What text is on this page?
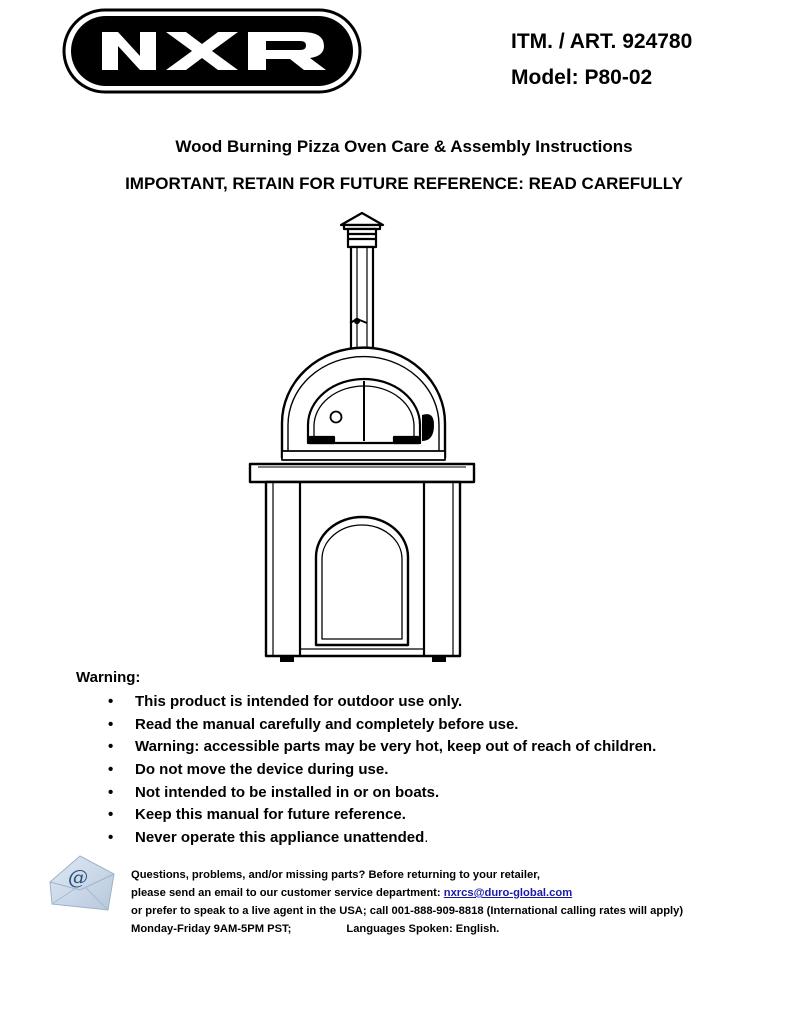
ITM. / ART. 924780
Model: P80-02
Wood Burning Pizza Oven Care & Assembly Instructions
IMPORTANT, RETAIN FOR FUTURE REFERENCE: READ CAREFULLY
Warning:
• This product is intended for outdoor use only.
• Read the manual carefully and completely before use.
• Warning: accessible parts may be very hot, keep out of reach of children.
• Do not move the device during use.
• Not intended to be installed in or on boats.
• Keep this manual for future reference.
• Never operate this appliance unattended.
@	Questions, problems, and/or missing parts? Before returning to your retailer,
please send an email to our customer service department: nxrcs@duro-global.com
or prefer to speak to a live agent in the USA; call 001-888-909-8818 (International calling rates will apply)
Monday-Friday 9AM-5PM PST;	Languages Spoken: English.
